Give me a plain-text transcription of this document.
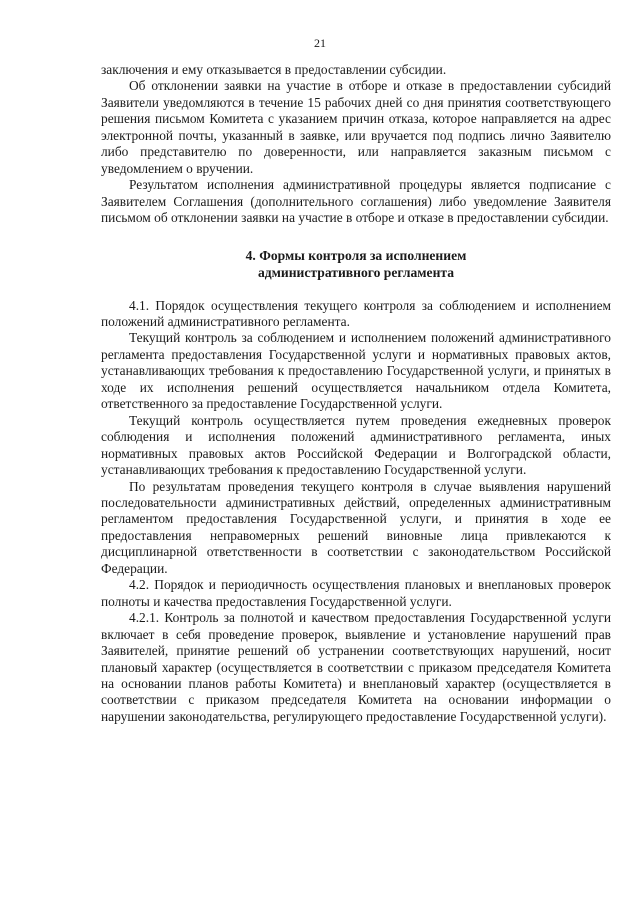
21

заключения и ему отказывается в предоставлении субсидии.

Об отклонении заявки на участие в отборе и отказе в предоставлении субсидий Заявители уведомляются в течение 15 рабочих дней со дня принятия соответствующего решения письмом Комитета с указанием причин отказа, которое направляется на адрес электронной почты, указанный в заявке, или вручается под подпись лично Заявителю либо представителю по доверенности, или направляется заказным письмом с уведомлением о вручении.

Результатом исполнения административной процедуры является подписание с Заявителем Соглашения (дополнительного соглашения) либо уведомление Заявителя письмом об отклонении заявки на участие в отборе и отказе в предоставлении субсидии.

4. Формы контроля за исполнением
административного регламента

4.1. Порядок осуществления текущего контроля за соблюдением и исполнением положений административного регламента.

Текущий контроль за соблюдением и исполнением положений административного регламента предоставления Государственной услуги и нормативных правовых актов, устанавливающих требования к предоставлению Государственной услуги, и принятых в ходе их исполнения решений осуществляется начальником отдела Комитета, ответственного за предоставление Государственной услуги.

Текущий контроль осуществляется путем проведения ежедневных проверок соблюдения и исполнения положений административного регламента, иных нормативных правовых актов Российской Федерации и Волгоградской области, устанавливающих требования к предоставлению Государственной услуги.

По результатам проведения текущего контроля в случае выявления нарушений последовательности административных действий, определенных административным регламентом предоставления Государственной услуги, и принятия в ходе ее предоставления неправомерных решений виновные лица привлекаются к дисциплинарной ответственности в соответствии с законодательством Российской Федерации.

4.2. Порядок и периодичность осуществления плановых и внеплановых проверок полноты и качества предоставления Государственной услуги.

4.2.1. Контроль за полнотой и качеством предоставления Государственной услуги включает в себя проведение проверок, выявление и установление нарушений прав Заявителей, принятие решений об устранении соответствующих нарушений, носит плановый характер (осуществляется в соответствии с приказом председателя Комитета на основании планов работы Комитета) и внеплановый характер (осуществляется в соответствии с приказом председателя Комитета на основании информации о нарушении законодательства, регулирующего предоставление Государственной услуги).
